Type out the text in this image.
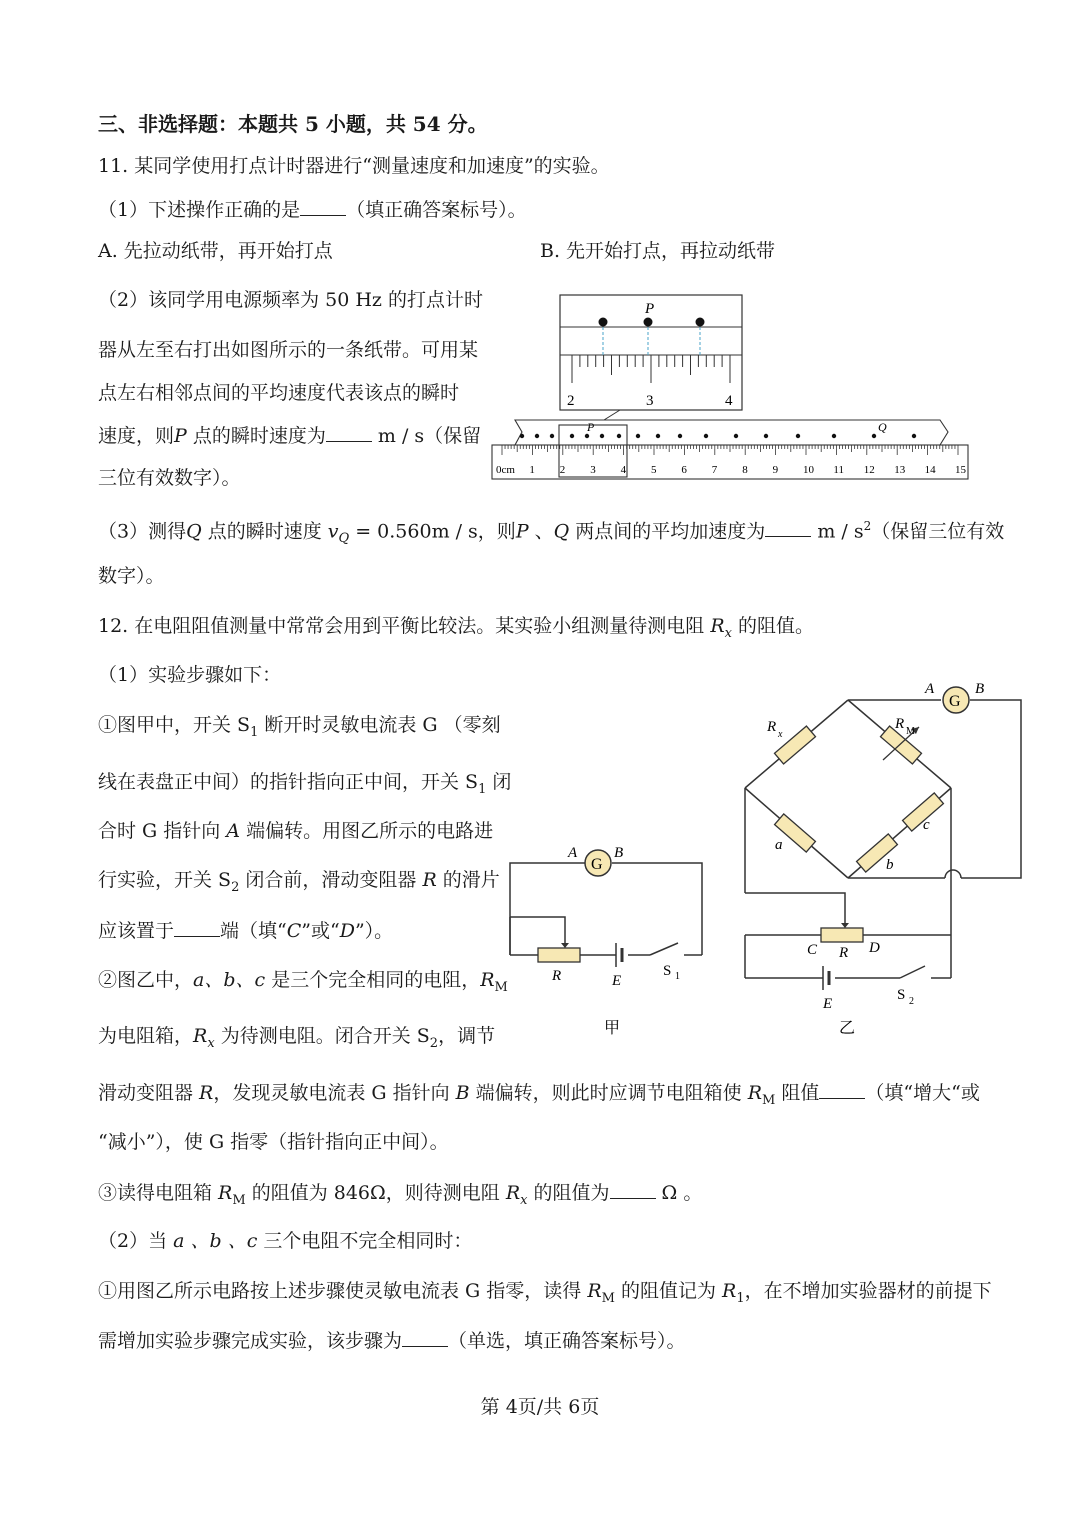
三、非选择题：本题共 5 小题，共 54 分。
11. 某同学使用打点计时器进行“测量速度和加速度”的实验。
（1）下述操作正确的是 （填正确答案标号）。
A. 先拉动纸带，再开始打点	B. 先开始打点，再拉动纸带
（2）该同学用电源频率为 50 Hz 的打点计时
器从左至右打出如图所示的一条纸带。可用某
点左右相邻点间的平均速度代表该点的瞬时
速度，则P 点的瞬时速度为 m / s（保留
三位有效数字）。
（3）测得Q 点的瞬时速度 $v_Q = 0.560m / s$，则P 、Q 两点间的平均加速度为 m / $s^2$（保留三位有效
数字）。
12. 在电阻阻值测量中常常会用到平衡比较法。某实验小组测量待测电阻 $R_x$ 的阻值。
（1）实验步骤如下：
①图甲中，开关 $S_1$ 断开时灵敏电流表 G （零刻
线在表盘正中间）的指针指向正中间，开关 $S_1$ 闭
合时 G 指针向 A 端偏转。用图乙所示的电路进
行实验，开关 $S_2$ 闭合前，滑动变阻器 R 的滑片
应该置于 端（填“C”或“D”）。
②图乙中，a、b、c 是三个完全相同的电阻，$R_M$
为电阻箱，$R_x$ 为待测电阻。闭合开关 $S_2$，调节
滑动变阻器 R，发现灵敏电流表 G 指针向 B 端偏转，则此时应调节电阻箱使 $R_M$ 阻值 （填“增大“或
“减小”），使 G 指零（指针指向正中间）。
③读得电阻箱 $R_M$ 的阻值为 846Ω，则待测电阻 $R_x$ 的阻值为 Ω 。
（2）当 a 、b 、c 三个电阻不完全相同时：
①用图乙所示电路按上述步骤使灵敏电流表 G 指零，读得 $R_M$ 的阻值记为 $R_1$，在不增加实验器材的前提下
需增加实验步骤完成实验，该步骤为 （单选，填正确答案标号）。
第 4页/共 6页
P
2	3	4
P	Q
0cm 1 2 3 4 5 6 7 8 9 10 11 12 13 14 15
G
A B
R	E
S 1
甲
G
A	B
R x
R M
a
b
c
C R D
E
S 2
乙
